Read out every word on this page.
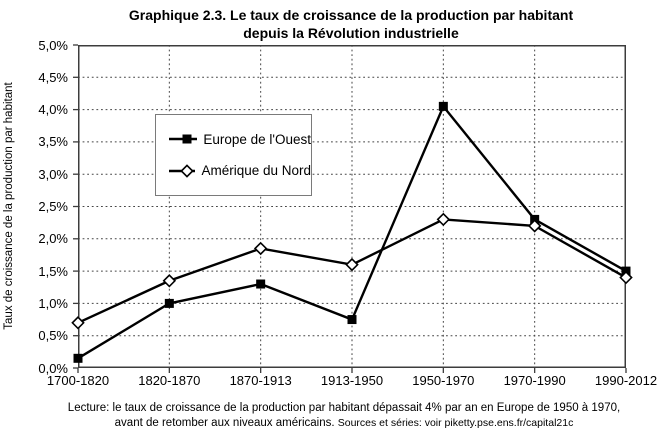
Graphique 2.3. Le taux de croissance de la production par habitant
depuis la Révolution industrielle
Taux de croissance de la production par habitant
5,0%
4,5%
4,0%
3,5%
3,0%
2,5%
2,0%
1,5%
1,0%
0,5%
0,0%
1700-1820	1820-1870	1870-1913	1913-1950	1950-1970	1970-1990	1990-2012
Europe de l'Ouest
Amérique du Nord
Lecture: le taux de croissance de la production par habitant dépassait 4% par an en Europe de 1950 à 1970,
avant de retomber aux niveaux américains. Sources et séries: voir piketty.pse.ens.fr/capital21c
